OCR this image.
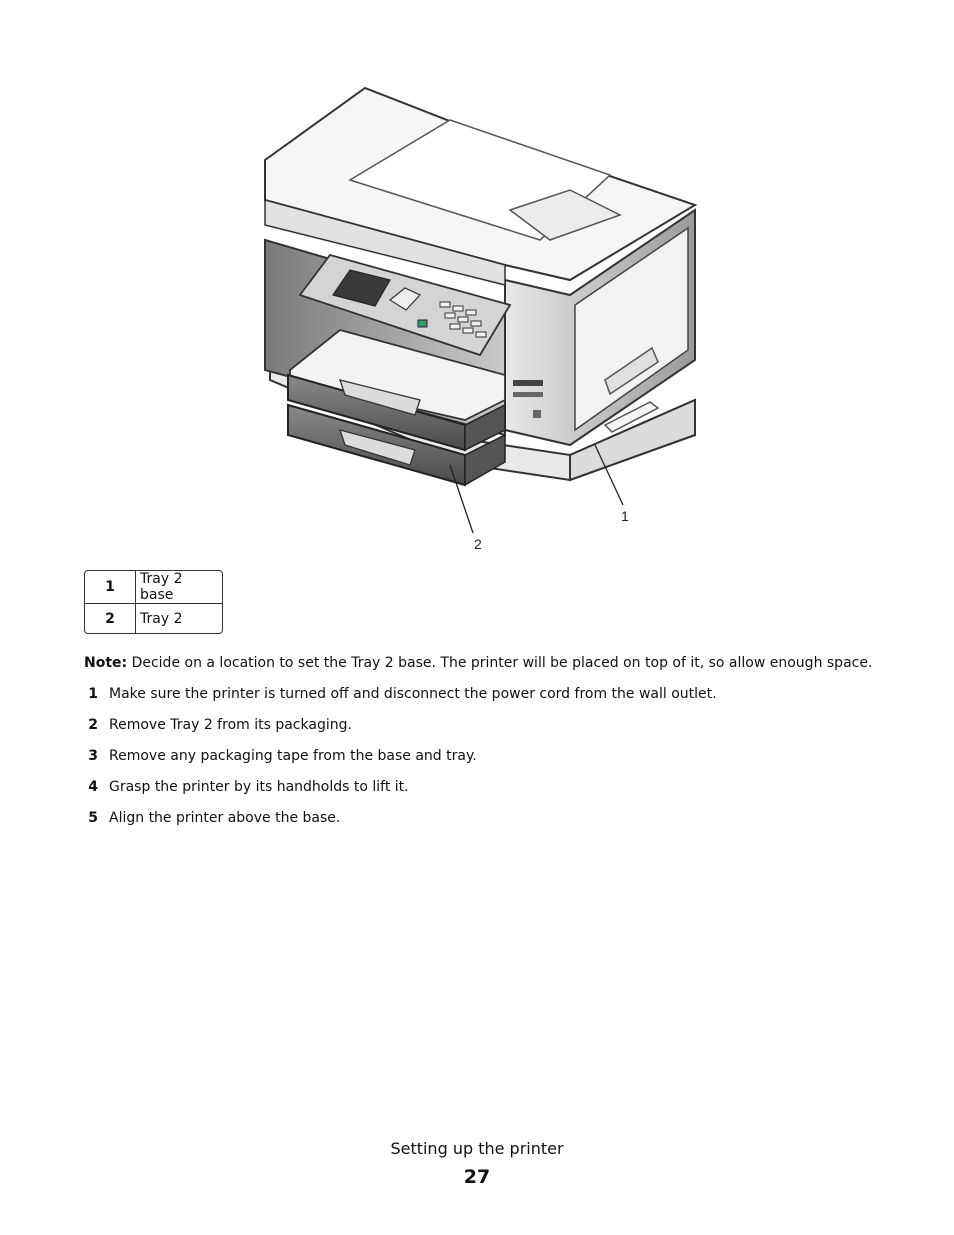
1
2
1	Tray 2 base
2	Tray 2
Note: Decide on a location to set the Tray 2 base. The printer will be placed on top of it, so allow enough space.
1 Make sure the printer is turned off and disconnect the power cord from the wall outlet.
2 Remove Tray 2 from its packaging.
3 Remove any packaging tape from the base and tray.
4 Grasp the printer by its handholds to lift it.
5 Align the printer above the base.
Setting up the printer
27
